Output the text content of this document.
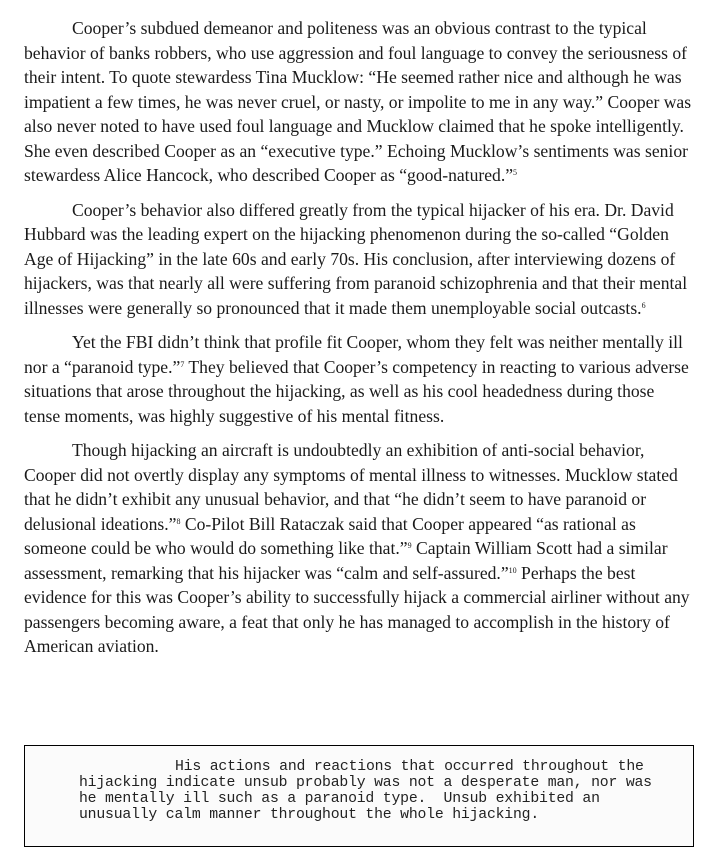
Cooper’s subdued demeanor and politeness was an obvious contrast to the typical behavior of banks robbers, who use aggression and foul language to convey the seriousness of their intent. To quote stewardess Tina Mucklow: “He seemed rather nice and although he was impatient a few times, he was never cruel, or nasty, or impolite to me in any way.” Cooper was also never noted to have used foul language and Mucklow claimed that he spoke intelligently. She even described Cooper as an “executive type.” Echoing Mucklow’s sentiments was senior stewardess Alice Hancock, who described Cooper as “good-natured.”$^5$

Cooper’s behavior also differed greatly from the typical hijacker of his era. Dr. David Hubbard was the leading expert on the hijacking phenomenon during the so-called “Golden Age of Hijacking” in the late 60s and early 70s. His conclusion, after interviewing dozens of hijackers, was that nearly all were suffering from paranoid schizophrenia and that their mental illnesses were generally so pronounced that it made them unemployable social outcasts.$^6$

Yet the FBI didn’t think that profile fit Cooper, whom they felt was neither mentally ill nor a “paranoid type.”$^7$ They believed that Cooper’s competency in reacting to various adverse situations that arose throughout the hijacking, as well as his cool headedness during those tense moments, was highly suggestive of his mental fitness.

Though hijacking an aircraft is undoubtedly an exhibition of anti-social behavior, Cooper did not overtly display any symptoms of mental illness to witnesses. Mucklow stated that he didn’t exhibit any unusual behavior, and that “he didn’t seem to have paranoid or delusional ideations.”$^8$ Co-Pilot Bill Rataczak said that Cooper appeared “as rational as someone could be who would do something like that.”$^9$ Captain William Scott had a similar assessment, remarking that his hijacker was “calm and self-assured.”$^{10}$ Perhaps the best evidence for this was Cooper’s ability to successfully hijack a commercial airliner without any passengers becoming aware, a feat that only he has managed to accomplish in the history of American aviation.

His actions and reactions that occurred throughout the hijacking indicate unsub probably was not a desperate man, nor was he mentally ill such as a paranoid type.  Unsub exhibited an unusually calm manner throughout the whole hijacking.
